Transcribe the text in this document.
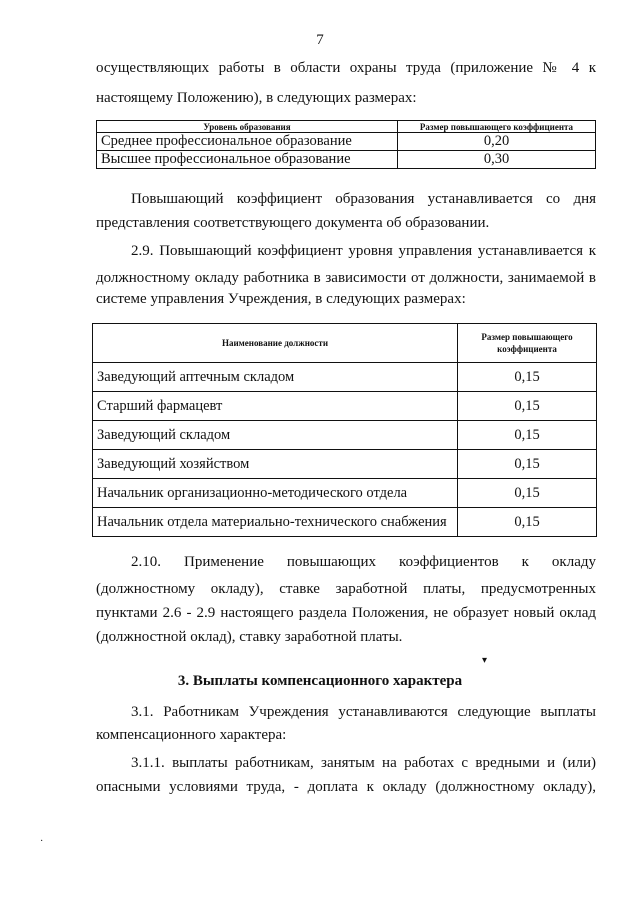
7
осуществляющих работы в области охраны труда (приложение № 4 к
настоящему Положению), в следующих размерах:
Уровень образования	Размер повышающего коэффициента
Среднее профессиональное образование	0,20
Высшее профессиональное образование	0,30
Повышающий коэффициент образования устанавливается со дня
представления соответствующего документа об образовании.
2.9. Повышающий коэффициент уровня управления устанавливается к
должностному окладу работника в зависимости от должности, занимаемой в
системе управления Учреждения, в следующих размерах:
Наименование должности	Размер повышающего коэффициента
Заведующий аптечным складом	0,15
Старший фармацевт	0,15
Заведующий складом	0,15
Заведующий хозяйством	0,15
Начальник организационно-методического отдела	0,15
Начальник отдела материально-технического снабжения	0,15
2.10. Применение повышающих коэффициентов к окладу
(должностному окладу), ставке заработной платы, предусмотренных
пунктами 2.6 - 2.9 настоящего раздела Положения, не образует новый оклад
(должностной оклад), ставку заработной платы.
▾
3. Выплаты компенсационного характера
3.1. Работникам Учреждения устанавливаются следующие выплаты
компенсационного характера:
3.1.1. выплаты работникам, занятым на работах с вредными и (или)
опасными условиями труда, - доплата к окладу (должностному окладу),
·
